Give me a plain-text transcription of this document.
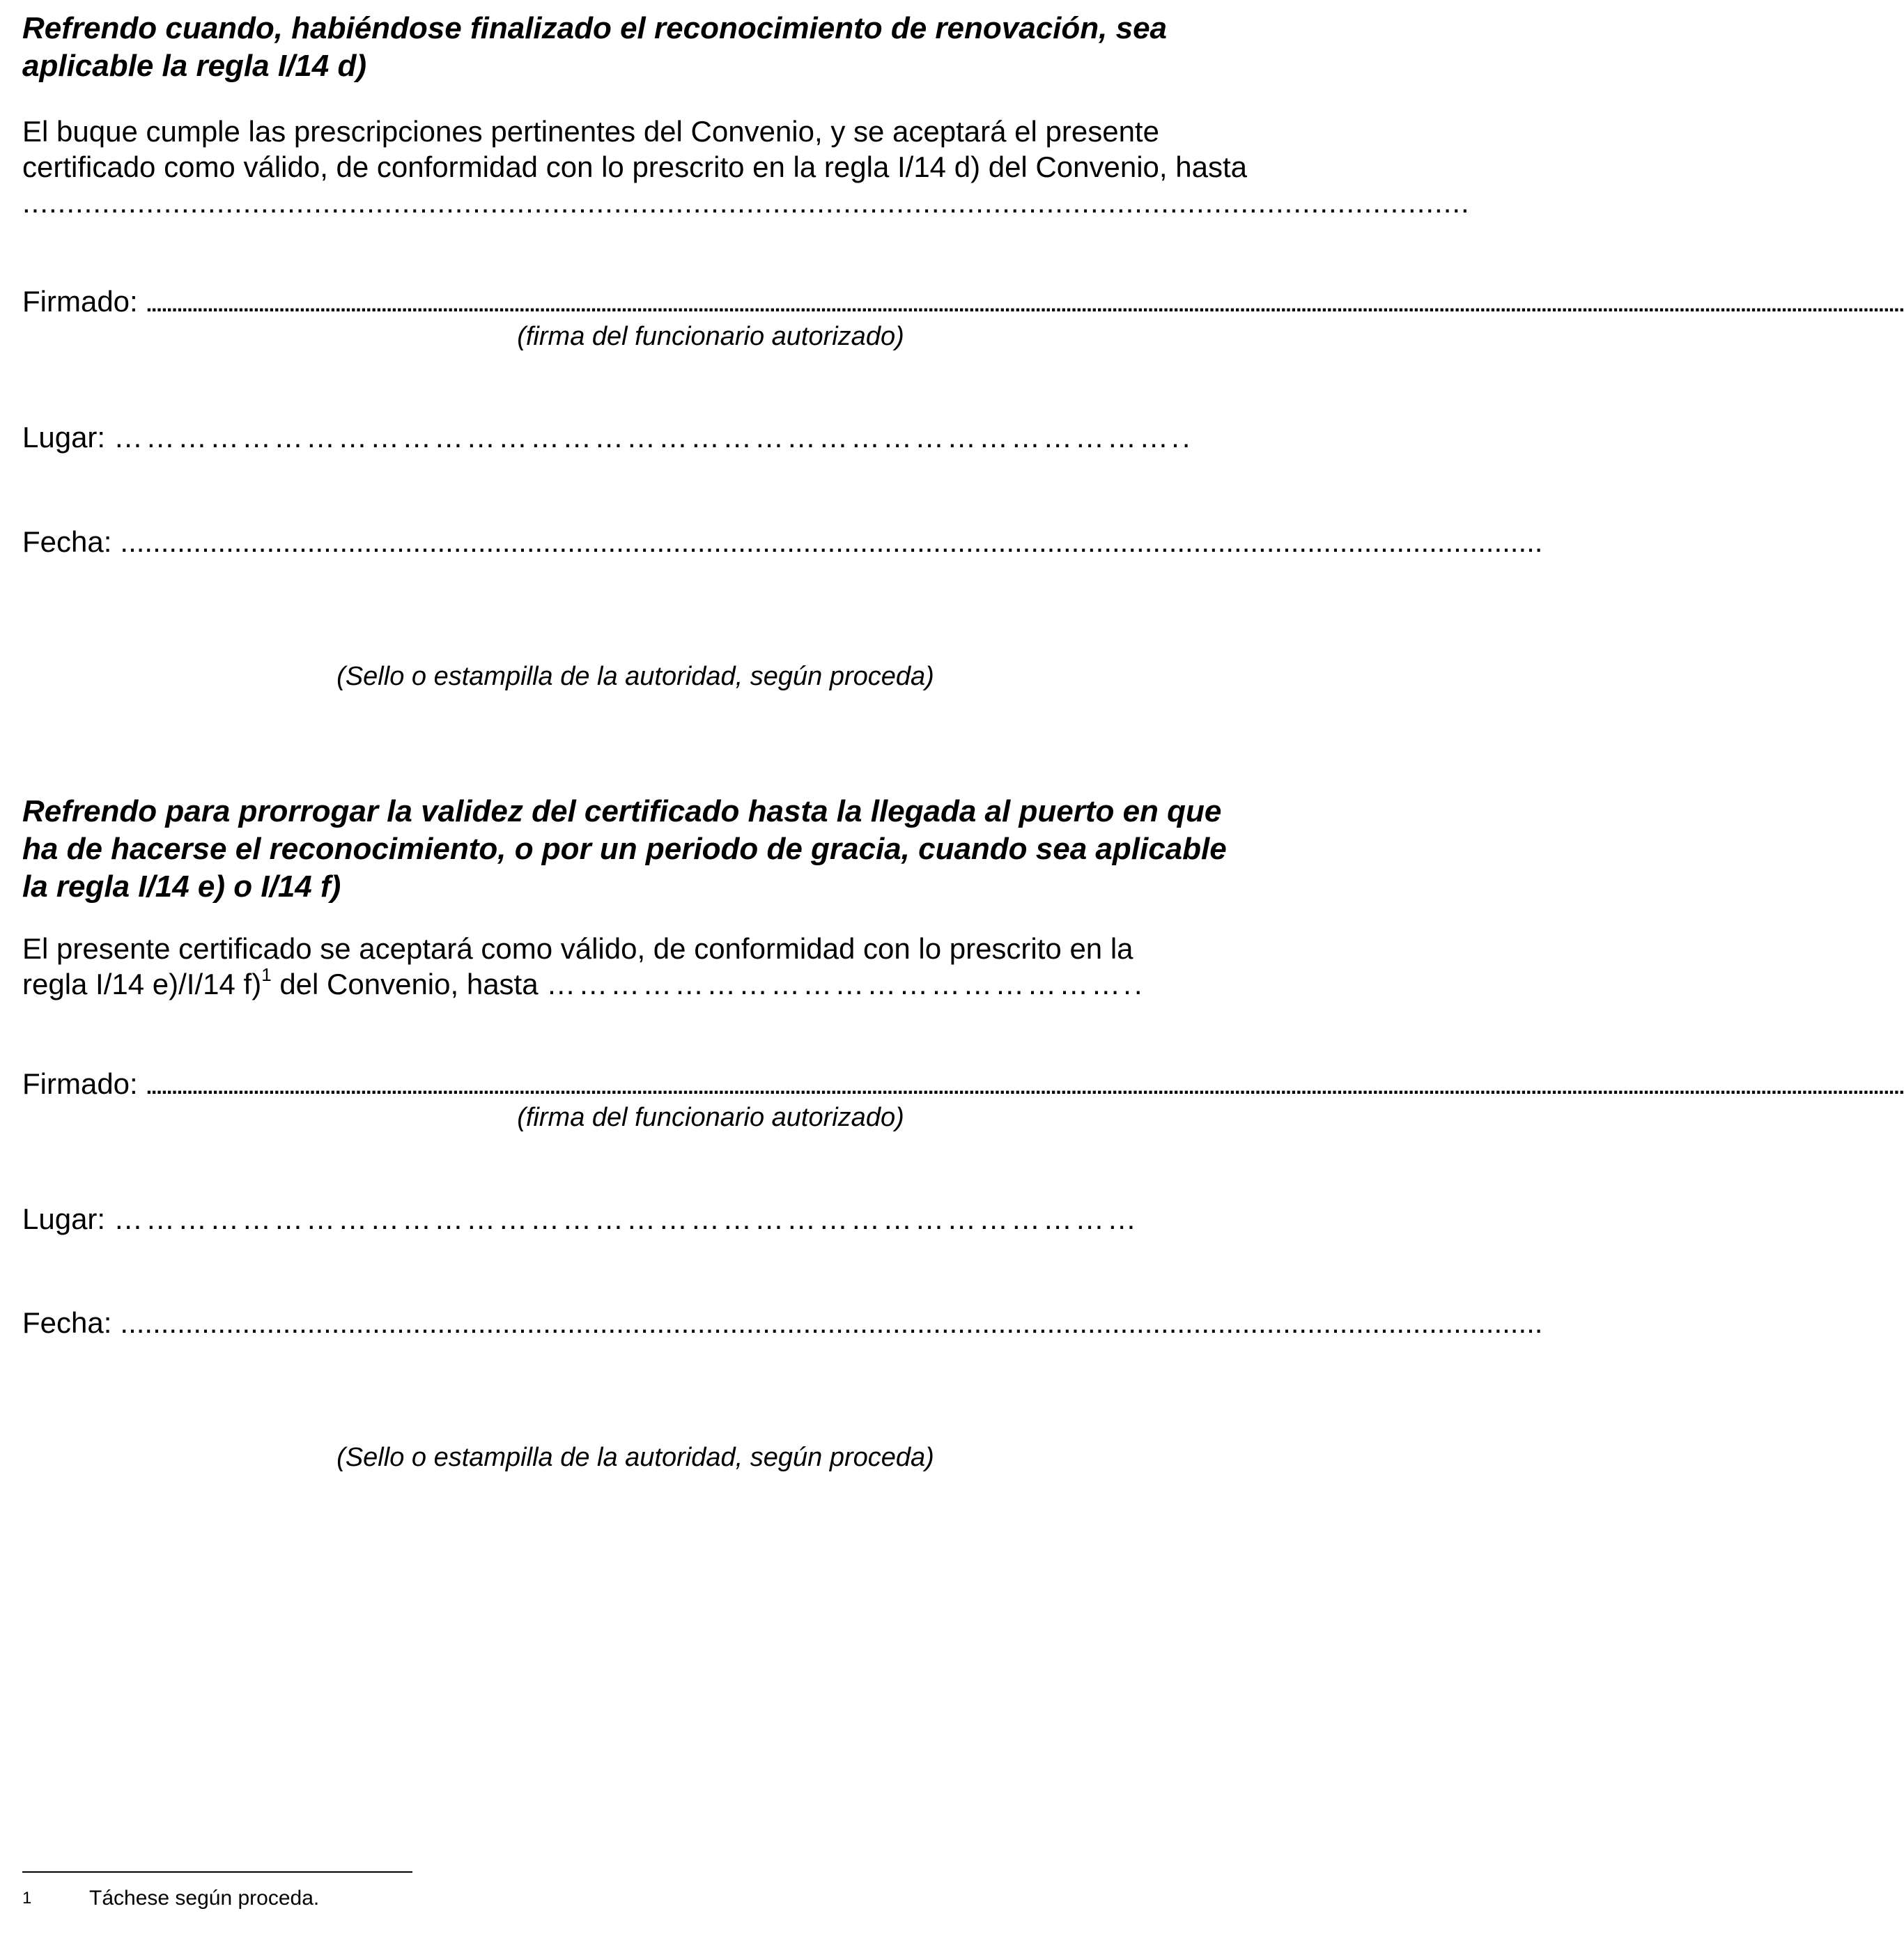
Refrendo cuando, habiéndose finalizado el reconocimiento de renovación, sea aplicable la regla I/14 d)

El buque cumple las prescripciones pertinentes del Convenio, y se aceptará el presente certificado como válido, de conformidad con lo prescrito en la regla I/14 d) del Convenio, hasta ....................................................................................................................................................................

Firmado: ........................................................................................................................................................................................................................................................................................................................................................
(firma del funcionario autorizado)
Lugar: ………………………………………………………………………………………..
Fecha: ...............................................................................................................................................................................
(Sello o estampilla de la autoridad, según proceda)

Refrendo para prorrogar la validez del certificado hasta la llegada al puerto en que ha de hacerse el reconocimiento, o por un periodo de gracia, cuando sea aplicable la regla I/14 e) o I/14 f)

El presente certificado se aceptará como válido, de conformidad con lo prescrito en la
regla I/14 e)/I/14 f)$^1$ del Convenio, hasta ………………………………………………..

Firmado: ........................................................................................................................................................................................................................................................................................................................................................
(firma del funcionario autorizado)
Lugar: ……………………………………………………………………………………
Fecha: ...............................................................................................................................................................................
(Sello o estampilla de la autoridad, según proceda)
1	Táchese según proceda.
